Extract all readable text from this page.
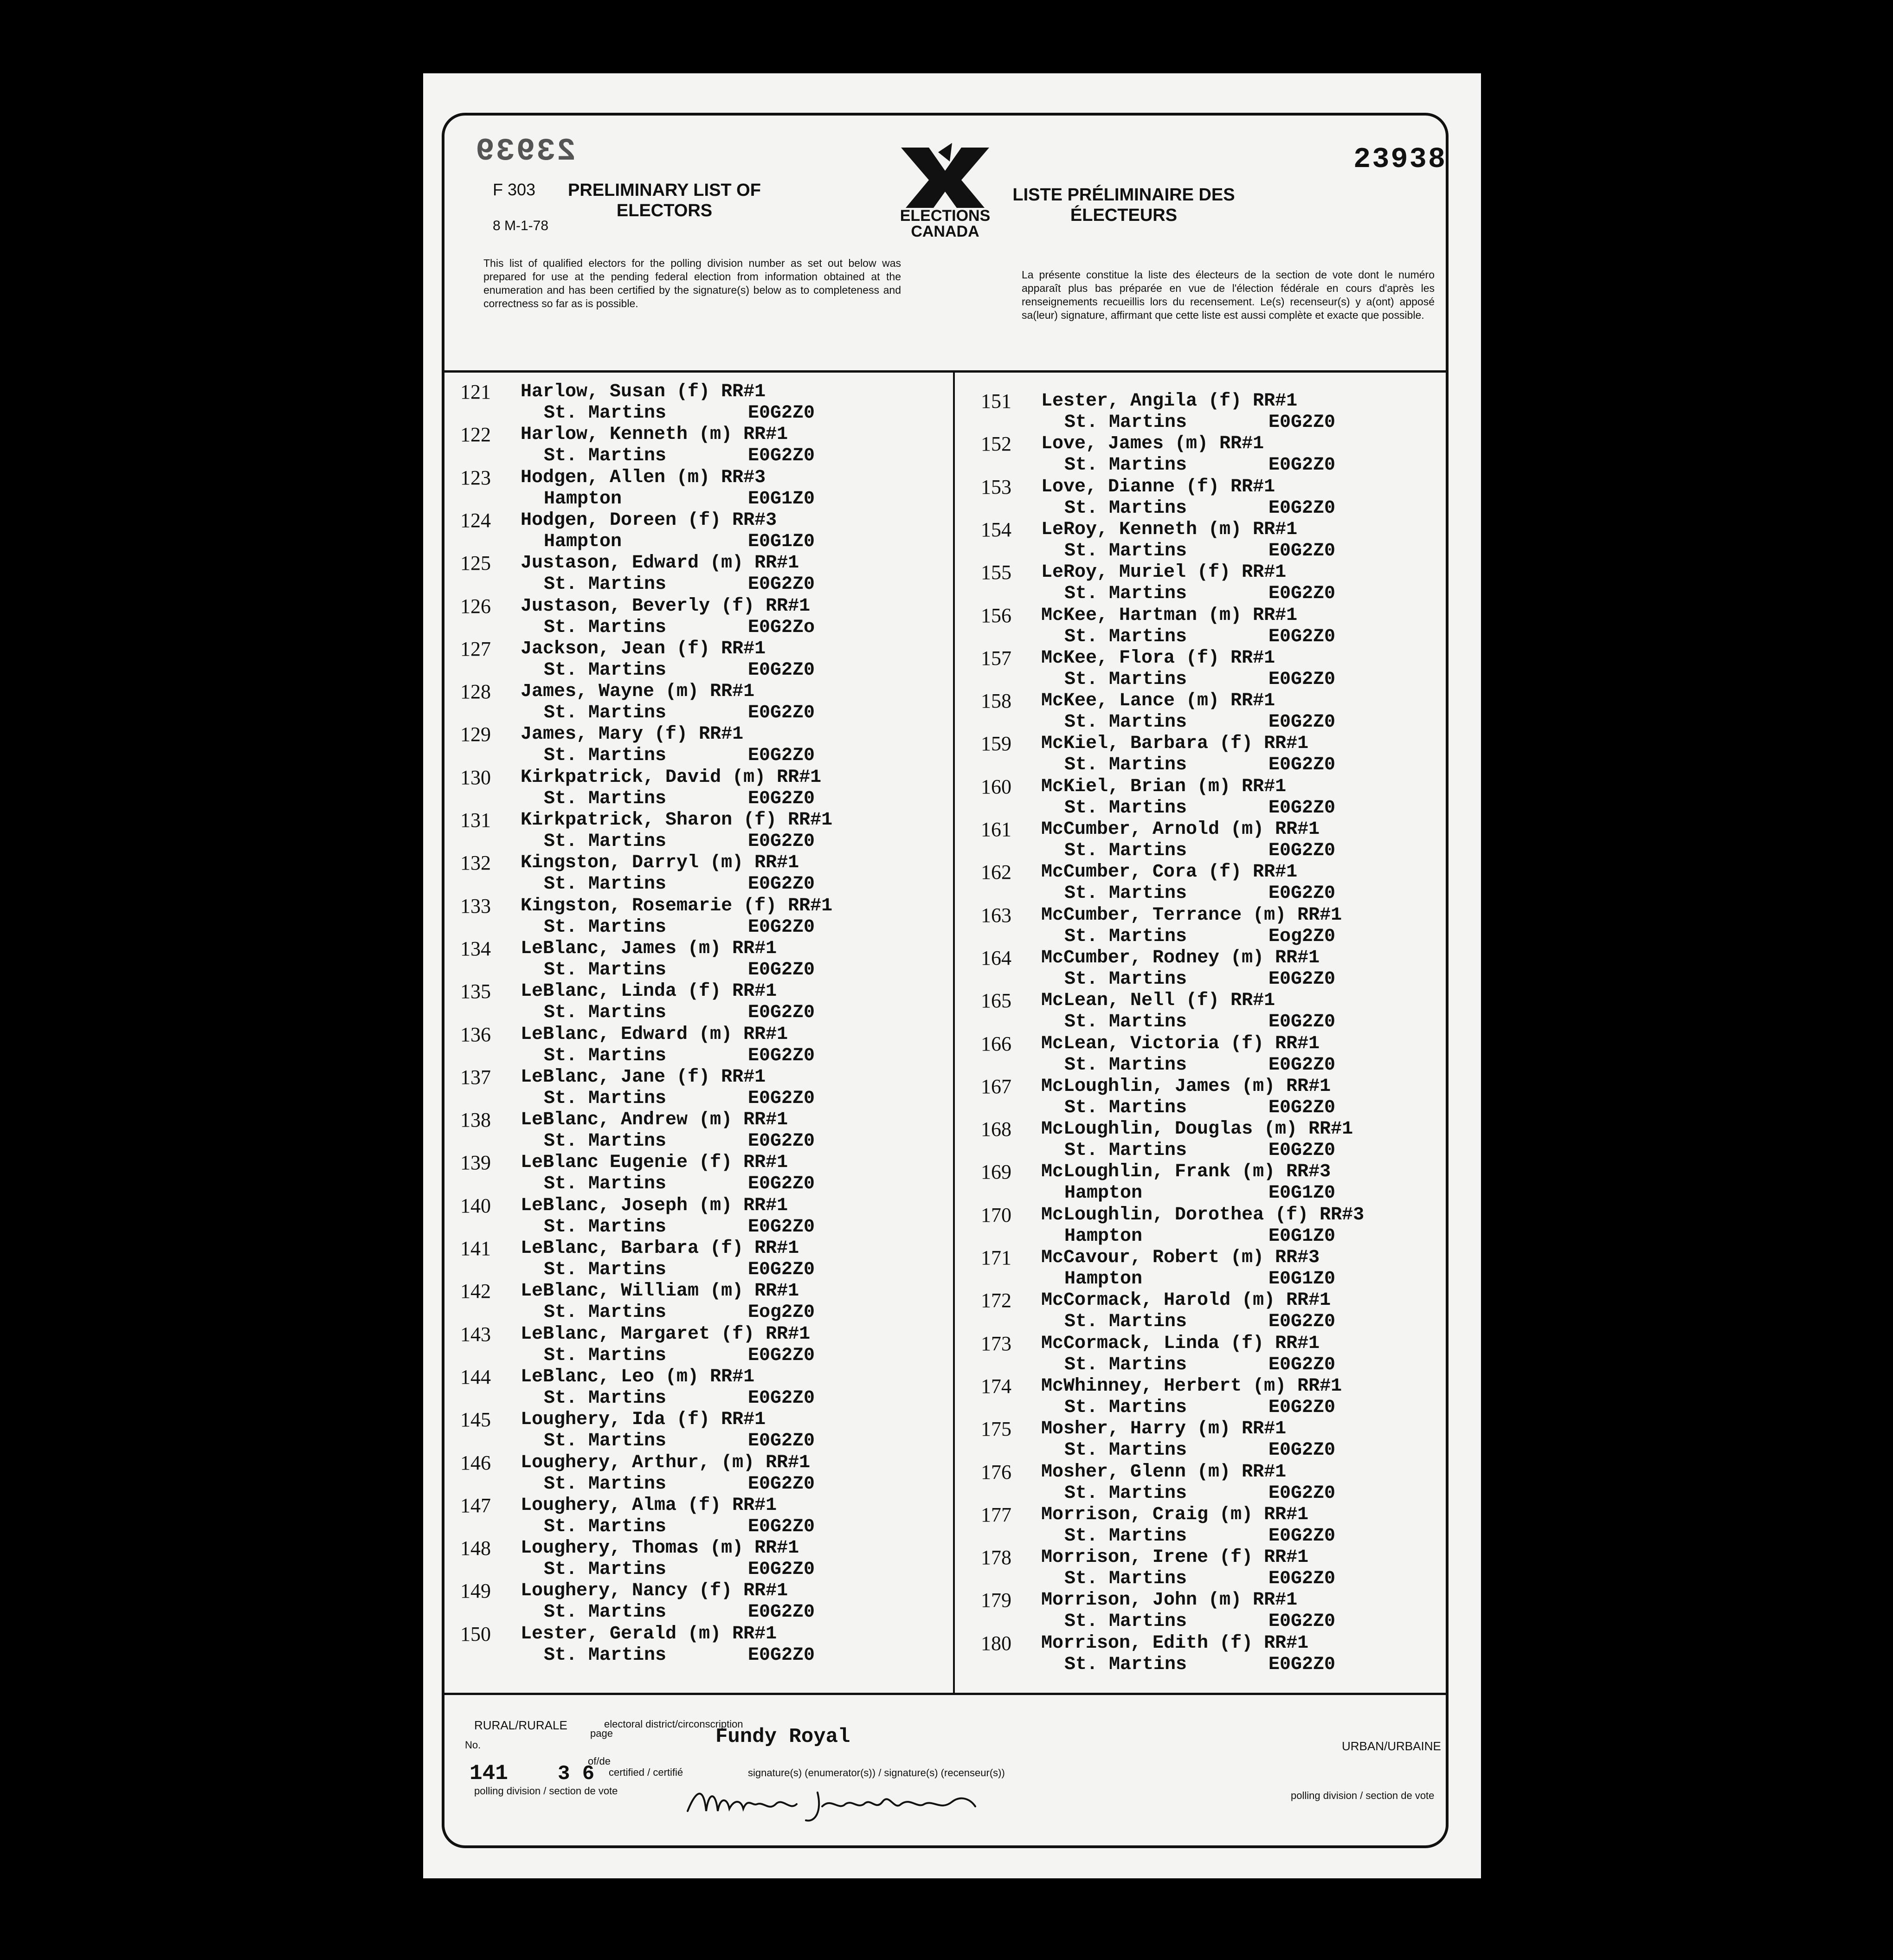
23939	23938
F 303
8 M-1-78
PRELIMINARY LIST OF ELECTORS
LISTE PRÉLIMINAIRE DES ÉLECTEURS
ELECTIONS CANADA
This list of qualified electors for the polling division number as set out below was prepared for use at the pending federal election from information obtained at the enumeration and has been certified by the signature(s) below as to completeness and correctness so far as is possible.
La présente constitue la liste des électeurs de la section de vote dont le numéro apparaît plus bas préparée en vue de l'élection fédérale en cours d'après les renseignements recueillis lors du recensement. Le(s) recenseur(s) y a(ont) apposé sa(leur) signature, affirmant que cette liste est aussi complète et exacte que possible.
121 Harlow, Susan (f) RR#1
St. Martins	E0G2Z0
122 Harlow, Kenneth (m) RR#1
St. Martins	E0G2Z0
123 Hodgen, Allen (m) RR#3
Hampton	E0G1Z0
124 Hodgen, Doreen (f) RR#3
Hampton	E0G1Z0
125 Justason, Edward (m) RR#1
St. Martins	E0G2Z0
126 Justason, Beverly (f) RR#1
St. Martins	E0G2Zo
127 Jackson, Jean (f) RR#1
St. Martins	E0G2Z0
128 James, Wayne (m) RR#1
St. Martins	E0G2Z0
129 James, Mary (f) RR#1
St. Martins	E0G2Z0
130 Kirkpatrick, David (m) RR#1
St. Martins	E0G2Z0
131 Kirkpatrick, Sharon (f) RR#1
St. Martins	E0G2Z0
132 Kingston, Darryl (m) RR#1
St. Martins	E0G2Z0
133 Kingston, Rosemarie (f) RR#1
St. Martins	E0G2Z0
134 LeBlanc, James (m) RR#1
St. Martins	E0G2Z0
135 LeBlanc, Linda (f) RR#1
St. Martins	E0G2Z0
136 LeBlanc, Edward (m) RR#1
St. Martins	E0G2Z0
137 LeBlanc, Jane (f) RR#1
St. Martins	E0G2Z0
138 LeBlanc, Andrew (m) RR#1
St. Martins	E0G2Z0
139 LeBlanc Eugenie (f) RR#1
St. Martins	E0G2Z0
140 LeBlanc, Joseph (m) RR#1
St. Martins	E0G2Z0
141 LeBlanc, Barbara (f) RR#1
St. Martins	E0G2Z0
142 LeBlanc, William (m) RR#1
St. Martins	Eog2Z0
143 LeBlanc, Margaret (f) RR#1
St. Martins	E0G2Z0
144 LeBlanc, Leo (m) RR#1
St. Martins	E0G2Z0
145 Loughery, Ida (f) RR#1
St. Martins	E0G2Z0
146 Loughery, Arthur, (m) RR#1
St. Martins	E0G2Z0
147 Loughery, Alma (f) RR#1
St. Martins	E0G2Z0
148 Loughery, Thomas (m) RR#1
St. Martins	E0G2Z0
149 Loughery, Nancy (f) RR#1
St. Martins	E0G2Z0
150 Lester, Gerald (m) RR#1
St. Martins	E0G2Z0
151 Lester, Angila (f) RR#1
St. Martins	E0G2Z0
152 Love, James (m) RR#1
St. Martins	E0G2Z0
153 Love, Dianne (f) RR#1
St. Martins	E0G2Z0
154 LeRoy, Kenneth (m) RR#1
St. Martins	E0G2Z0
155 LeRoy, Muriel (f) RR#1
St. Martins	E0G2Z0
156 McKee, Hartman (m) RR#1
St. Martins	E0G2Z0
157 McKee, Flora (f) RR#1
St. Martins	E0G2Z0
158 McKee, Lance (m) RR#1
St. Martins	E0G2Z0
159 McKiel, Barbara (f) RR#1
St. Martins	E0G2Z0
160 McKiel, Brian (m) RR#1
St. Martins	E0G2Z0
161 McCumber, Arnold (m) RR#1
St. Martins	E0G2Z0
162 McCumber, Cora (f) RR#1
St. Martins	E0G2Z0
163 McCumber, Terrance (m) RR#1
St. Martins	Eog2Z0
164 McCumber, Rodney (m) RR#1
St. Martins	E0G2Z0
165 McLean, Nell (f) RR#1
St. Martins	E0G2Z0
166 McLean, Victoria (f) RR#1
St. Martins	E0G2Z0
167 McLoughlin, James (m) RR#1
St. Martins	E0G2Z0
168 McLoughlin, Douglas (m) RR#1
St. Martins	E0G2Z0
169 McLoughlin, Frank (m) RR#3
Hampton	E0G1Z0
170 McLoughlin, Dorothea (f) RR#3
Hampton	E0G1Z0
171 McCavour, Robert (m) RR#3
Hampton	E0G1Z0
172 McCormack, Harold (m) RR#1
St. Martins	E0G2Z0
173 McCormack, Linda (f) RR#1
St. Martins	E0G2Z0
174 McWhinney, Herbert (m) RR#1
St. Martins	E0G2Z0
175 Mosher, Harry (m) RR#1
St. Martins	E0G2Z0
176 Mosher, Glenn (m) RR#1
St. Martins	E0G2Z0
177 Morrison, Craig (m) RR#1
St. Martins	E0G2Z0
178 Morrison, Irene (f) RR#1
St. Martins	E0G2Z0
179 Morrison, John (m) RR#1
St. Martins	E0G2Z0
180 Morrison, Edith (f) RR#1
St. Martins	E0G2Z0
RURAL/RURALE	electoral district/circonscription
Fundy Royal	URBAN/URBAINE
No.
page
of/de
141 3 6 certified / certifié	signature(s) (enumerator(s)) / signature(s) (recenseur(s))
polling division / section de vote	polling division / section de vote
